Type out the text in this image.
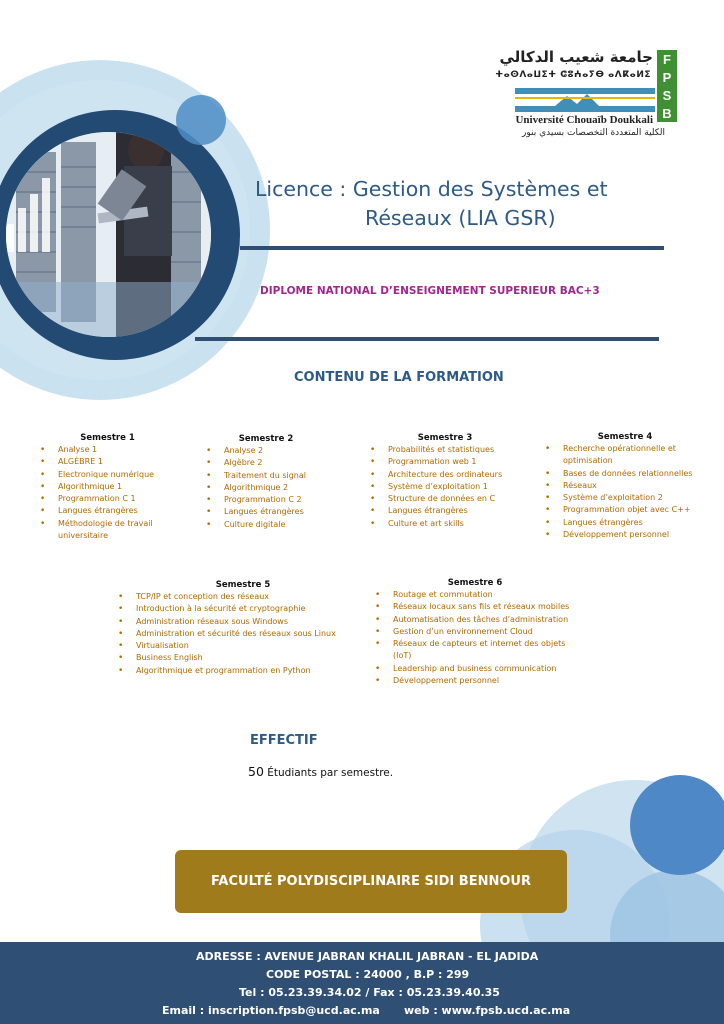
جامعة شعيب الدكالي
ⵜⴰⵙⴷⴰⵡⵉⵜ ⵛⵓⵄⴰⵢⴱ ⴰⴷⴽⴰⵍⵉ
F
P
S
B
Université Chouaïb Doukkali
الكلية المتعددة التخصصات بسيدي بنور
Licence : Gestion des Systèmes et
Réseaux (LIA GSR)
DIPLOME NATIONAL D’ENSEIGNEMENT SUPERIEUR BAC+3
CONTENU DE LA FORMATION
Semestre 1
• Analyse 1
• ALGÈBRE 1
• Electronique numérique
• Algorithmique 1
• Programmation C 1
• Langues étrangères
• Méthodologie de travail universitaire
Semestre 2
• Analyse 2
• Algèbre 2
• Traitement du signal
• Algorithmique 2
• Programmation C 2
• Langues étrangères
• Culture digitale
Semestre 3
• Probabilités et statistiques
• Programmation web 1
• Architecture des ordinateurs
• Système d’exploitation 1
• Structure de données en C
• Langues étrangères
• Culture et art skills
Semestre 4
• Recherche opérationnelle et optimisation
• Bases de données relationnelles
• Réseaux
• Système d’exploitation 2
• Programmation objet avec C++
• Langues étrangères
• Développement personnel
Semestre 5
• TCP/IP et conception des réseaux
• Introduction à la sécurité et cryptographie
• Administration réseaux sous Windows
• Administration et sécurité des réseaux sous Linux
• Virtualisation
• Business English
• Algorithmique et programmation en Python
Semestre 6
• Routage et commutation
• Réseaux locaux sans fils et réseaux mobiles
• Automatisation des tâches d’administration
• Gestion d’un environnement Cloud
• Réseaux de capteurs et internet des objets (IoT)
• Leadership and business communication
• Développement personnel
EFFECTIF
50 Étudiants par semestre.
FACULTÉ POLYDISCIPLINAIRE SIDI BENNOUR
ADRESSE : AVENUE JABRAN KHALIL JABRAN - EL JADIDA
CODE POSTAL : 24000 , B.P : 299
Tel : 05.23.39.34.02 / Fax : 05.23.39.40.35
Email : inscription.fpsb@ucd.ac.ma web : www.fpsb.ucd.ac.ma
